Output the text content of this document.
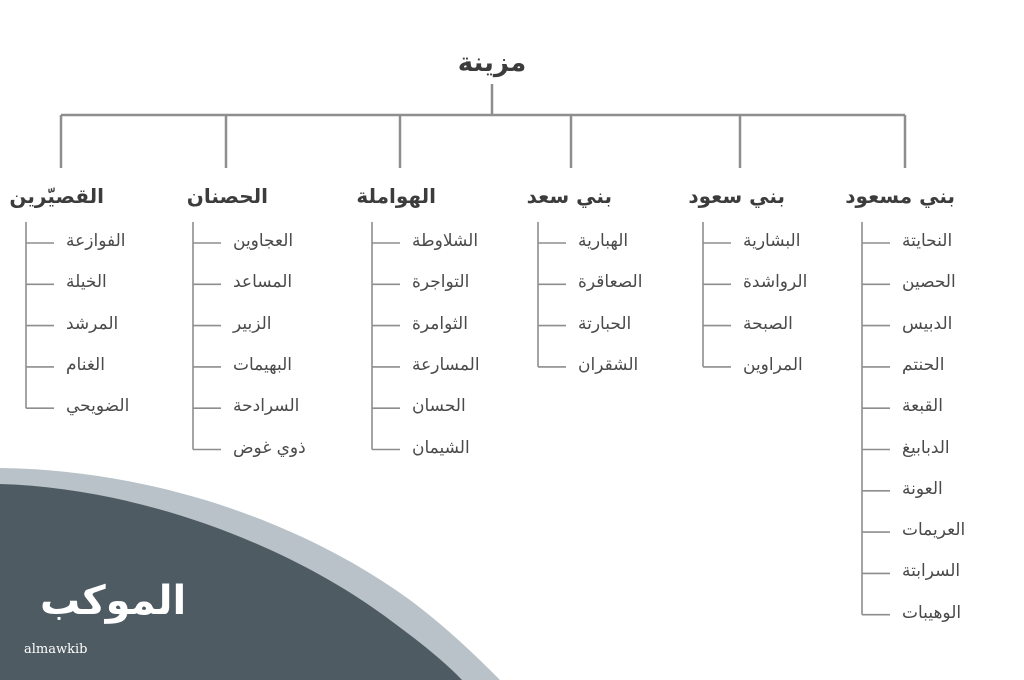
مزينة
بني مسعود
النحايتة
الحصين
الدبيس
الحنتم
القبعة
الدبابيغ
العونة
العريمات
السرابتة
الوهيبات
بني سعود
البشارية
الرواشدة
الصبحة
المراوين
بني سعد
الهبارية
الصعاقرة
الحبارتة
الشقران
الهواملة
الشلاوطة
التواجرة
الثوامرة
المسارعة
الحسان
الشيمان
الحصنان
العجاوين
المساعد
الزبير
البهيمات
السرادحة
ذوي غوض
القصيّرين
الفوازعة
الخيلة
المرشد
الغنام
الضويحي
الموكب
almawkib
